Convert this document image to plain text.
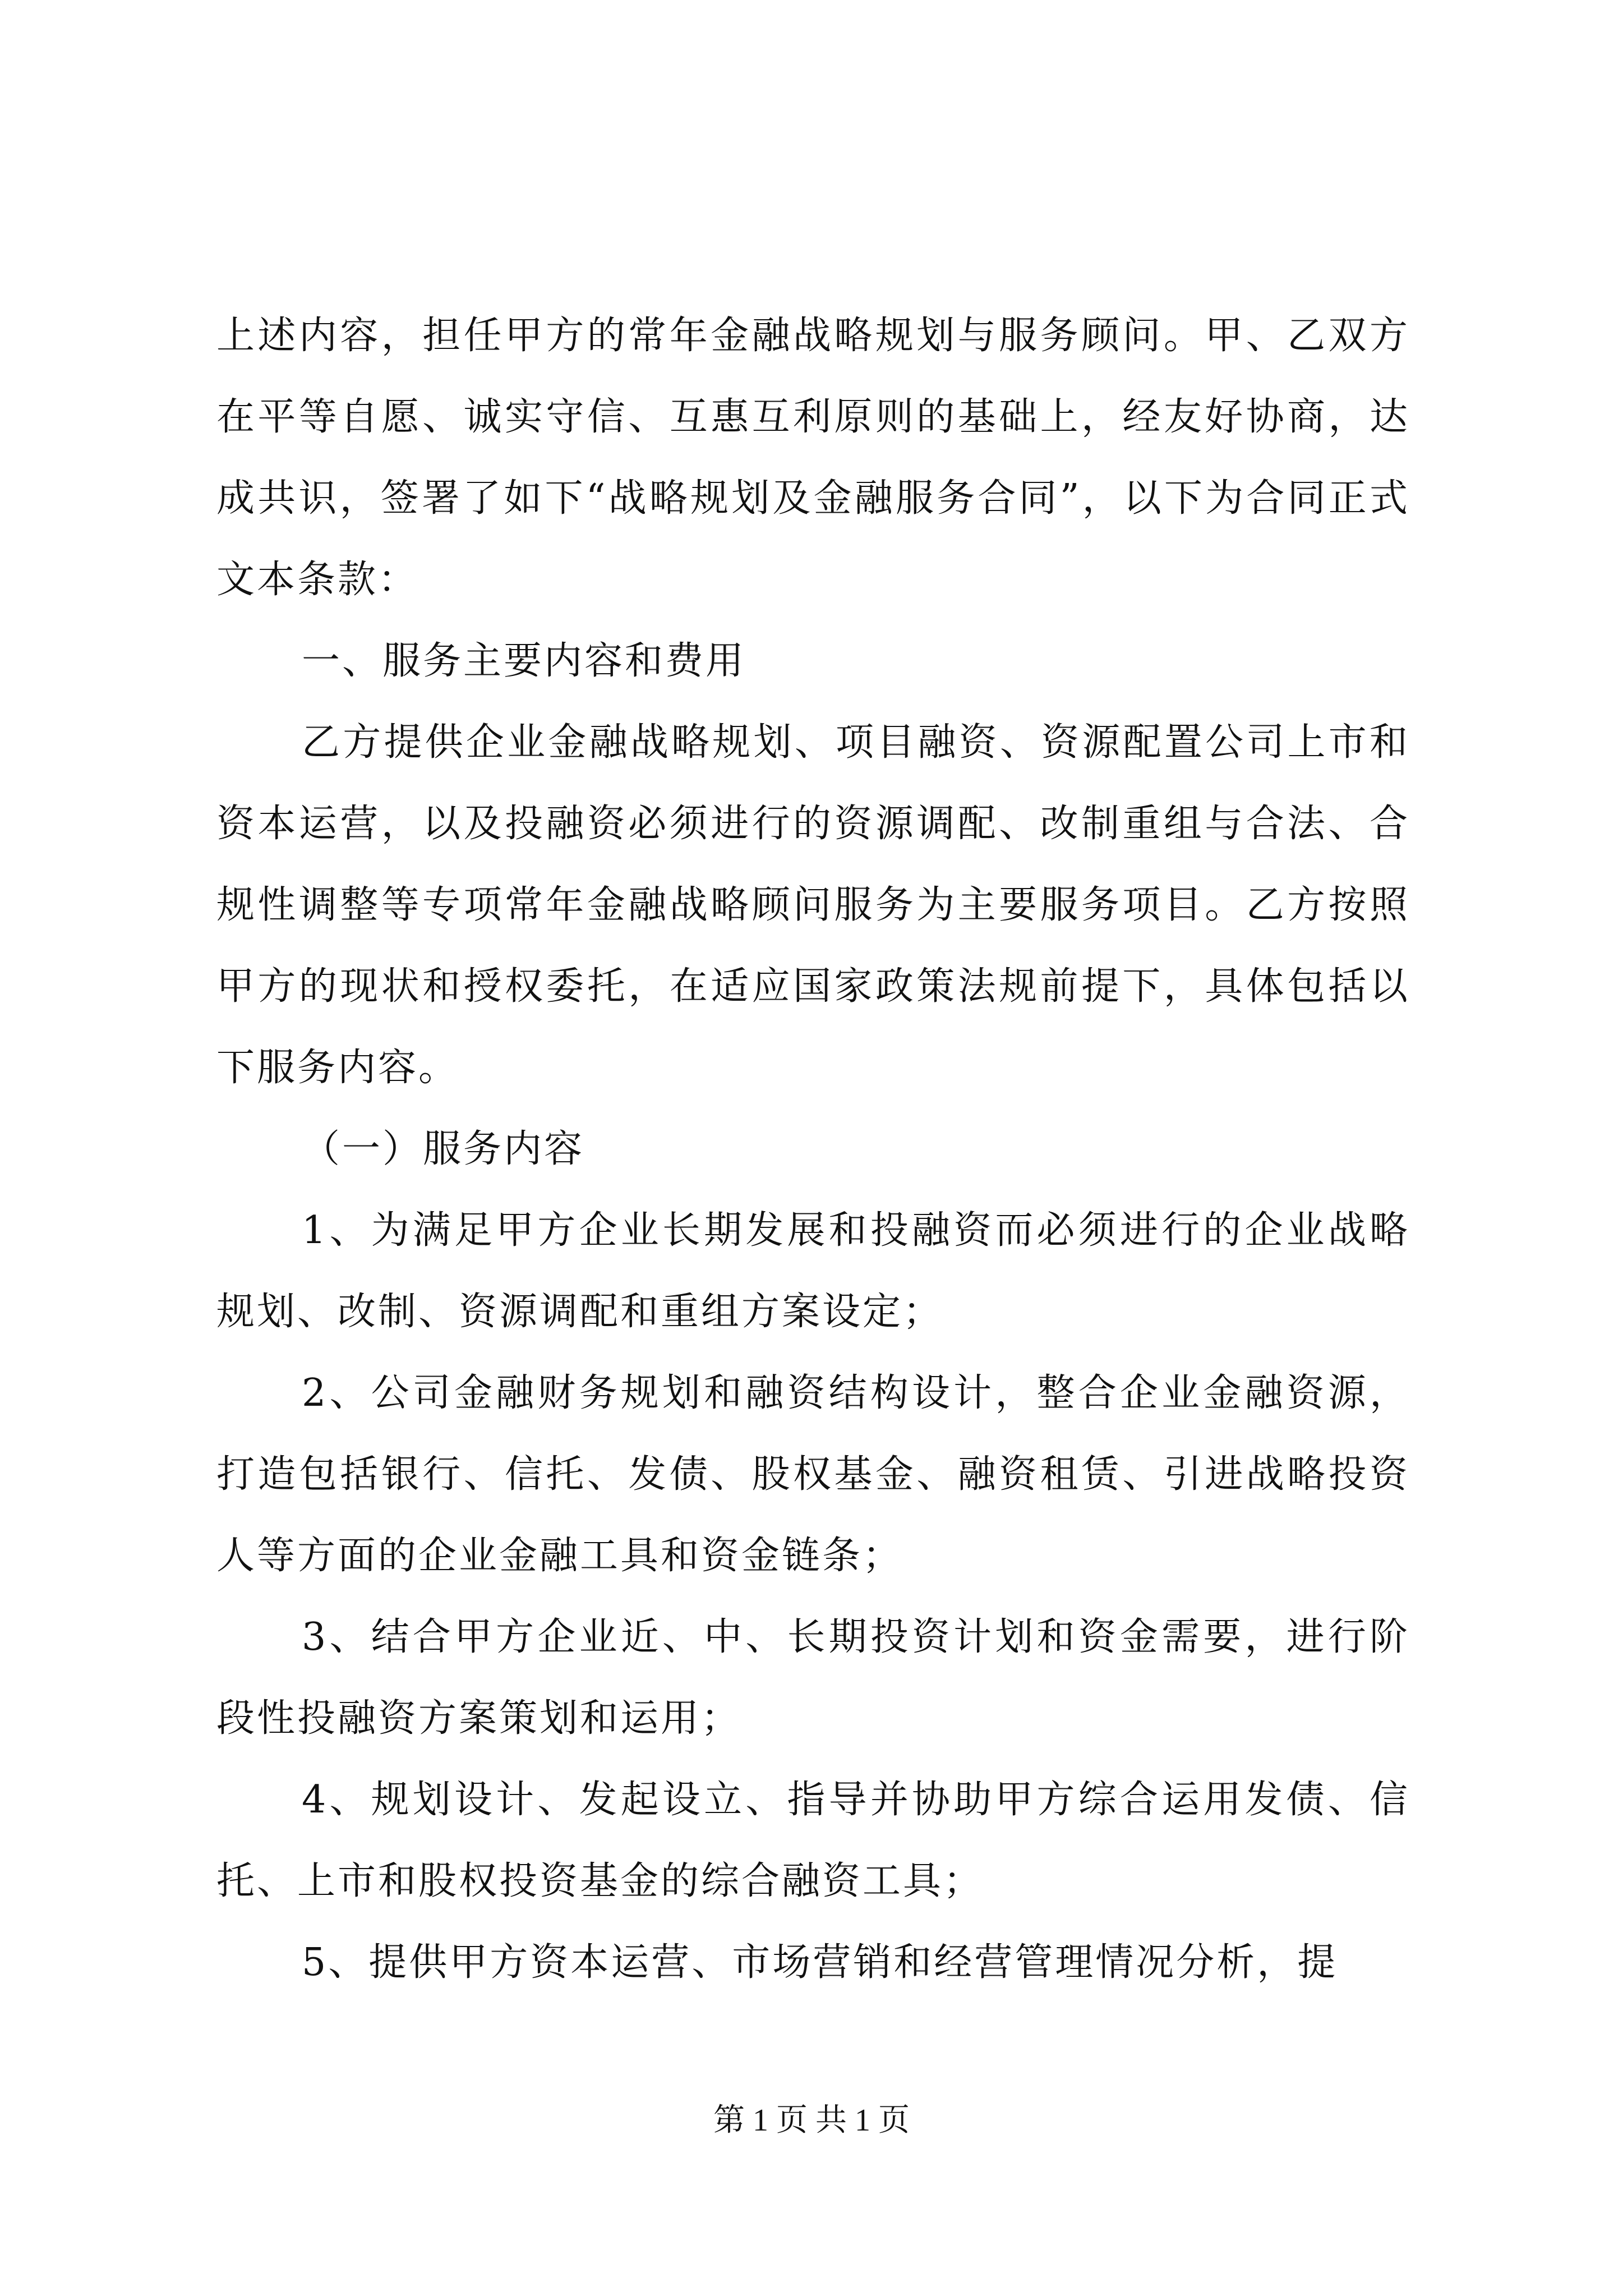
上述内容，担任甲方的常年金融战略规划与服务顾问。甲、乙双方在平等自愿、诚实守信、互惠互利原则的基础上，经友好协商，达成共识，签署了如下“战略规划及金融服务合同”，以下为合同正式文本条款：

一、服务主要内容和费用

乙方提供企业金融战略规划、项目融资、资源配置公司上市和资本运营，以及投融资必须进行的资源调配、改制重组与合法、合规性调整等专项常年金融战略顾问服务为主要服务项目。乙方按照甲方的现状和授权委托，在适应国家政策法规前提下，具体包括以下服务内容。

（一）服务内容

1、为满足甲方企业长期发展和投融资而必须进行的企业战略规划、改制、资源调配和重组方案设定；

2、公司金融财务规划和融资结构设计，整合企业金融资源，打造包括银行、信托、发债、股权基金、融资租赁、引进战略投资人等方面的企业金融工具和资金链条；

3、结合甲方企业近、中、长期投资计划和资金需要，进行阶段性投融资方案策划和运用；

4、规划设计、发起设立、指导并协助甲方综合运用发债、信托、上市和股权投资基金的综合融资工具；

5、提供甲方资本运营、市场营销和经营管理情况分析，提

第 1 页 共 1 页
